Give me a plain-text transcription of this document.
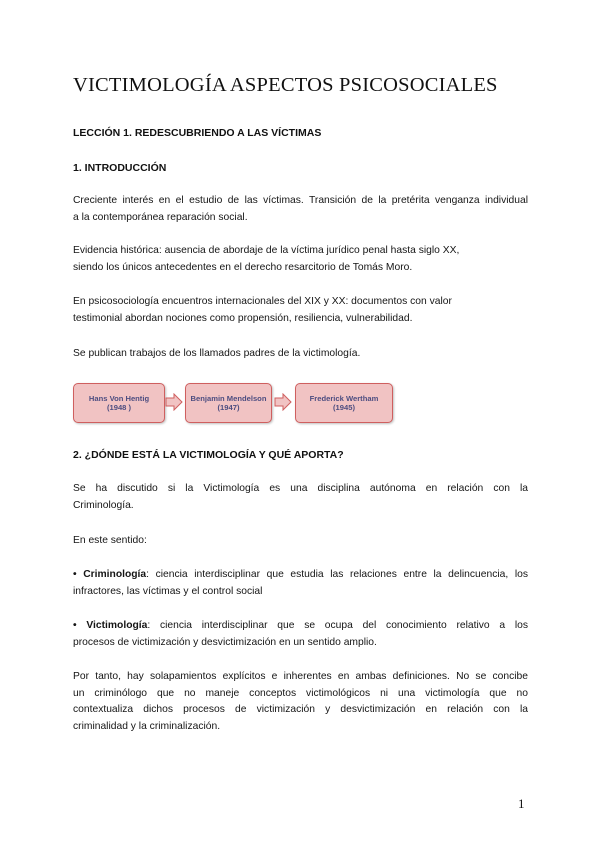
VICTIMOLOGÍA ASPECTOS PSICOSOCIALES
LECCIÓN 1. REDESCUBRIENDO A LAS VÍCTIMAS
1. INTRODUCCIÓN
Creciente interés en el estudio de las víctimas. Transición de la pretérita venganza individual
a la contemporánea reparación social.
Evidencia histórica: ausencia de abordaje de la víctima jurídico penal hasta siglo XX,
siendo los únicos antecedentes en el derecho resarcitorio de Tomás Moro.
En psicosociología encuentros internacionales del XIX y XX: documentos con valor
testimonial abordan nociones como propensión, resiliencia, vulnerabilidad.
Se publican trabajos de los llamados padres de la victimología.
Hans Von Hentig (1948 )
Benjamin Mendelson (1947)
Frederick Wertham (1945)
2. ¿DÓNDE ESTÁ LA VICTIMOLOGÍA Y QUÉ APORTA?
Se ha discutido si la Victimología es una disciplina autónoma en relación con la
Criminología.
En este sentido:
• Criminología: ciencia interdisciplinar que estudia las relaciones entre la delincuencia, los
infractores, las víctimas y el control social
• Victimología: ciencia interdisciplinar que se ocupa del conocimiento relativo a los
procesos de victimización y desvictimización en un sentido amplio.
Por tanto, hay solapamientos explícitos e inherentes en ambas definiciones. No se concibe
un criminólogo que no maneje conceptos victimológicos ni una victimología que no
contextualiza dichos procesos de victimización y desvictimización en relación con la
criminalidad y la criminalización.
1
